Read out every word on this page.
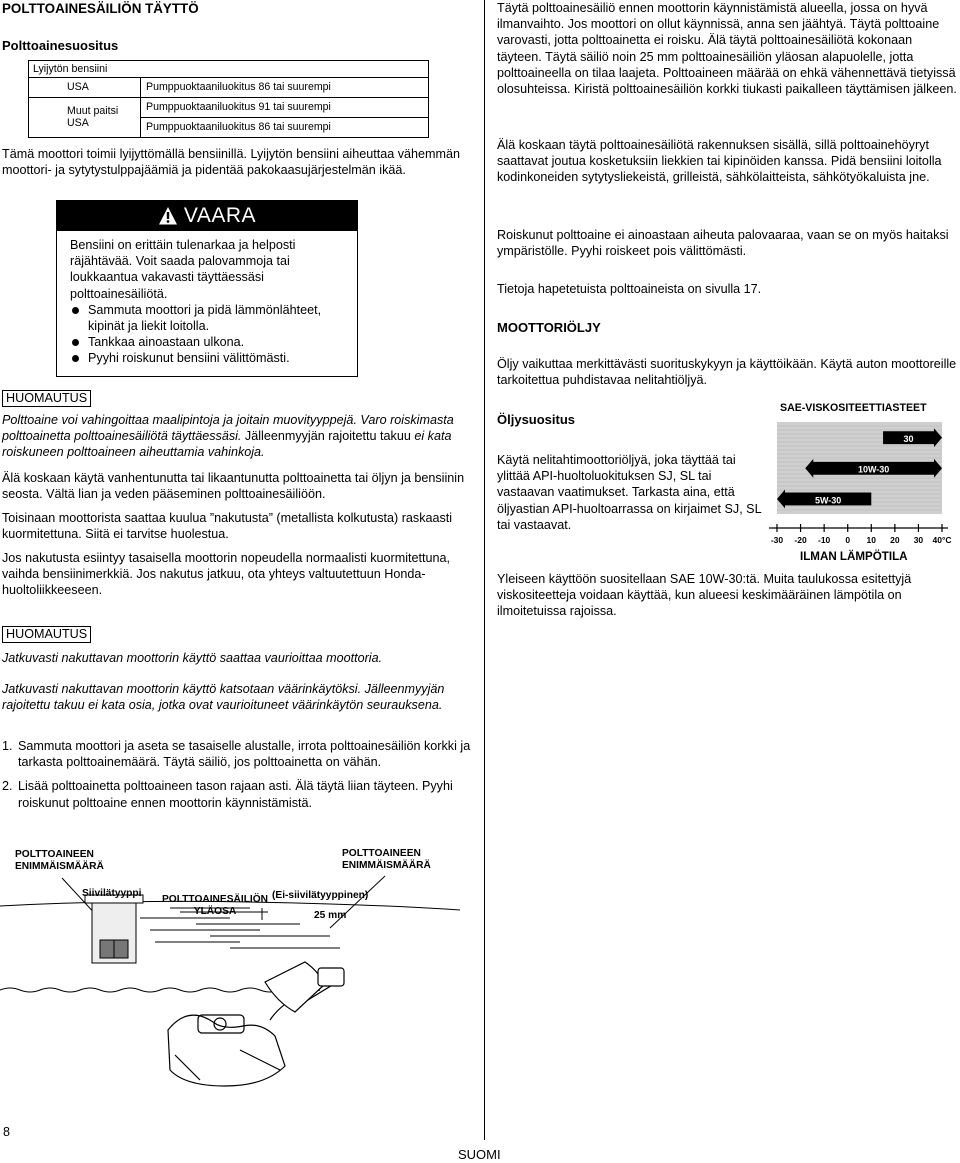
POLTTOAINESÄILIÖN TÄYTTÖ
Polttoainesuositus
Lyijytön bensiini	
USA	Pumppuoktaaniluokitus 86 tai suurempi

Muut paitsi USA	Pumppuoktaaniluokitus 91 tai suurempi
Pumppuoktaaniluokitus 86 tai suurempi

Tämä moottori toimii lyijyttömällä bensiinillä. Lyijytön bensiini aiheuttaa vähemmän moottori- ja sytytystulppajäämiä ja pidentää pakokaasujärjestelmän ikää.

VAARA

Bensiini on erittäin tulenarkaa ja helposti räjähtävää. Voit saada palovammoja tai loukkaantua vakavasti täyttäessäsi polttoainesäiliötä.

Sammuta moottori ja pidä lämmönlähteet, kipinät ja liekit loitolla.
Tankkaa ainoastaan ulkona.
Pyyhi roiskunut bensiini välittömästi.
HUOMAUTUS

Polttoaine voi vahingoittaa maalipintoja ja joitain muovityyppejä. Varo roiskimasta polttoainetta polttoainesäiliötä täyttäessäsi. Jälleenmyyjän rajoitettu takuu ei kata roiskuneen polttoaineen aiheuttamia vahinkoja.

Älä koskaan käytä vanhentunutta tai likaantunutta polttoainetta tai öljyn ja bensiinin seosta. Vältä lian ja veden pääseminen polttoainesäiliöön.

Toisinaan moottorista saattaa kuulua ”nakutusta” (metallista kolkutusta) raskaasti kuormitettuna. Siitä ei tarvitse huolestua.

Jos nakutusta esiintyy tasaisella moottorin nopeudella normaalisti kuormitettuna, vaihda bensiinimerkkiä. Jos nakutus jatkuu, ota yhteys valtuutettuun Honda-huoltoliikkeeseen.

HUOMAUTUS

Jatkuvasti nakuttavan moottorin käyttö saattaa vaurioittaa moottoria.

Jatkuvasti nakuttavan moottorin käyttö katsotaan väärinkäytöksi. Jälleenmyyjän rajoitettu takuu ei kata osia, jotka ovat vaurioituneet väärinkäytön seurauksena.

1. Sammuta moottori ja aseta se tasaiselle alustalle, irrota polttoainesäiliön korkki ja tarkasta polttoainemäärä. Täytä säiliö, jos polttoainetta on vähän.
2. Lisää polttoainetta polttoaineen tason rajaan asti. Älä täytä liian täyteen. Pyyhi roiskunut polttoaine ennen moottorin käynnistämistä.
POLTTOAINEEN
ENIMMÄISMÄÄRÄ
POLTTOAINEEN
ENIMMÄISMÄÄRÄ
Siivilätyyppi
POLTTOAINESÄILIÖN
YLÄOSA
(Ei-siivilätyyppinen)
25 mm
8

Täytä polttoainesäiliö ennen moottorin käynnistämistä alueella, jossa on hyvä ilmanvaihto. Jos moottori on ollut käynnissä, anna sen jäähtyä. Täytä polttoaine varovasti, jotta polttoainetta ei roisku. Älä täytä polttoainesäiliötä kokonaan täyteen. Täytä säiliö noin 25 mm polttoainesäiliön yläosan alapuolelle, jotta polttoaineella on tilaa laajeta. Polttoaineen määrää on ehkä vähennettävä tietyissä olosuhteissa. Kiristä polttoainesäiliön korkki tiukasti paikalleen täyttämisen jälkeen.

Älä koskaan täytä polttoainesäiliötä rakennuksen sisällä, sillä polttoainehöyryt saattavat joutua kosketuksiin liekkien tai kipinöiden kanssa. Pidä bensiini loitolla kodinkoneiden sytytysliekeistä, grilleistä, sähkölaitteista, sähkötyökaluista jne.

Roiskunut polttoaine ei ainoastaan aiheuta palovaaraa, vaan se on myös haitaksi ympäristölle. Pyyhi roiskeet pois välittömästi.

Tietoja hapetetuista polttoaineista on sivulla 17.

MOOTTORIÖLJY

Öljy vaikuttaa merkittävästi suorituskykyyn ja käyttöikään. Käytä auton moottoreille tarkoitettua puhdistavaa nelitahtiöljyä.

Öljysuositus

Käytä nelitahtimoottoriöljyä, joka täyttää tai ylittää API-huoltoluokituksen SJ, SL tai vastaavan vaatimukset. Tarkasta aina, että öljyastian API-huoltoarrassa on kirjaimet SJ, SL tai vastaavat.

SAE-VISKOSITEETTIASTEET
30
10W-30
5W-30
-30 -20 -10 0 10 20 30 40°C
ILMAN LÄMPÖTILA

Yleiseen käyttöön suositellaan SAE 10W-30:tä. Muita taulukossa esitettyjä viskositeetteja voidaan käyttää, kun alueesi keskimääräinen lämpötila on ilmoitetuissa rajoissa.

SUOMI
